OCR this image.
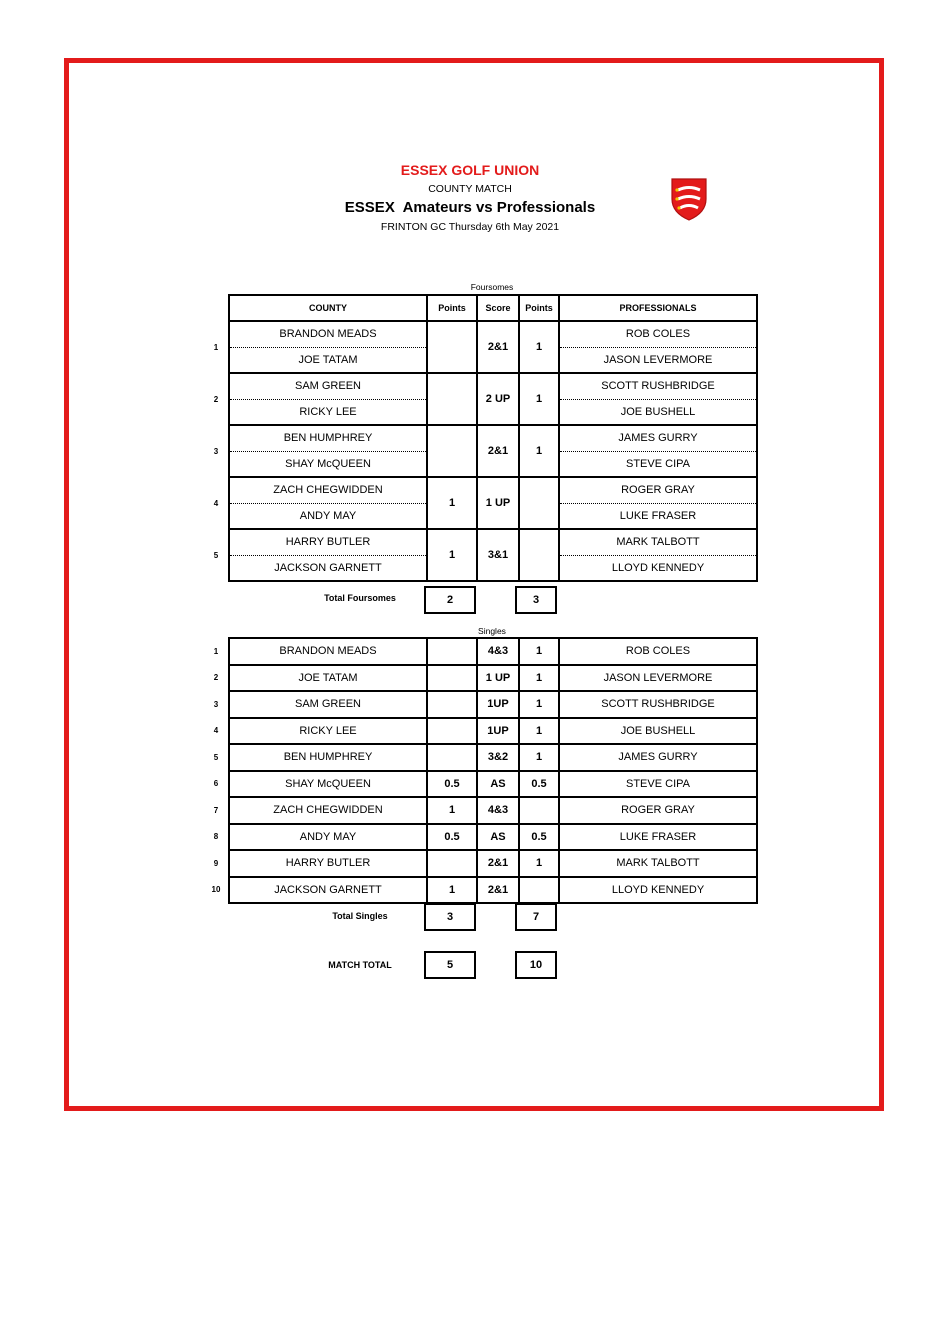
ESSEX GOLF UNION
COUNTY MATCH
ESSEX  Amateurs vs Professionals
FRINTON GC Thursday 6th May 2021
Foursomes
	COUNTY	Points	Score	Points	PROFESSIONALS
1	BRANDON MEADS		2&1	1	ROB COLES
	JOE TATAM				JASON LEVERMORE
2	SAM GREEN		2 UP	1	SCOTT RUSHBRIDGE
	RICKY LEE				JOE BUSHELL
3	BEN HUMPHREY		2&1	1	JAMES GURRY
	SHAY McQUEEN				STEVE CIPA
4	ZACH CHEGWIDDEN	1	1 UP		ROGER GRAY
	ANDY MAY				LUKE FRASER
5	HARRY BUTLER	1	3&1		MARK TALBOTT
	JACKSON GARNETT				LLOYD KENNEDY
Total Foursomes	2	3
Singles
1	BRANDON MEADS		4&3	1	ROB COLES
2	JOE TATAM		1 UP	1	JASON LEVERMORE
3	SAM GREEN		1UP	1	SCOTT RUSHBRIDGE
4	RICKY LEE		1UP	1	JOE BUSHELL
5	BEN HUMPHREY		3&2	1	JAMES GURRY
6	SHAY McQUEEN	0.5	AS	0.5	STEVE CIPA
7	ZACH CHEGWIDDEN	1	4&3		ROGER GRAY
8	ANDY MAY	0.5	AS	0.5	LUKE FRASER
9	HARRY BUTLER		2&1	1	MARK TALBOTT
10	JACKSON GARNETT	1	2&1		LLOYD KENNEDY
Total Singles	3	7
MATCH TOTAL	5	10
